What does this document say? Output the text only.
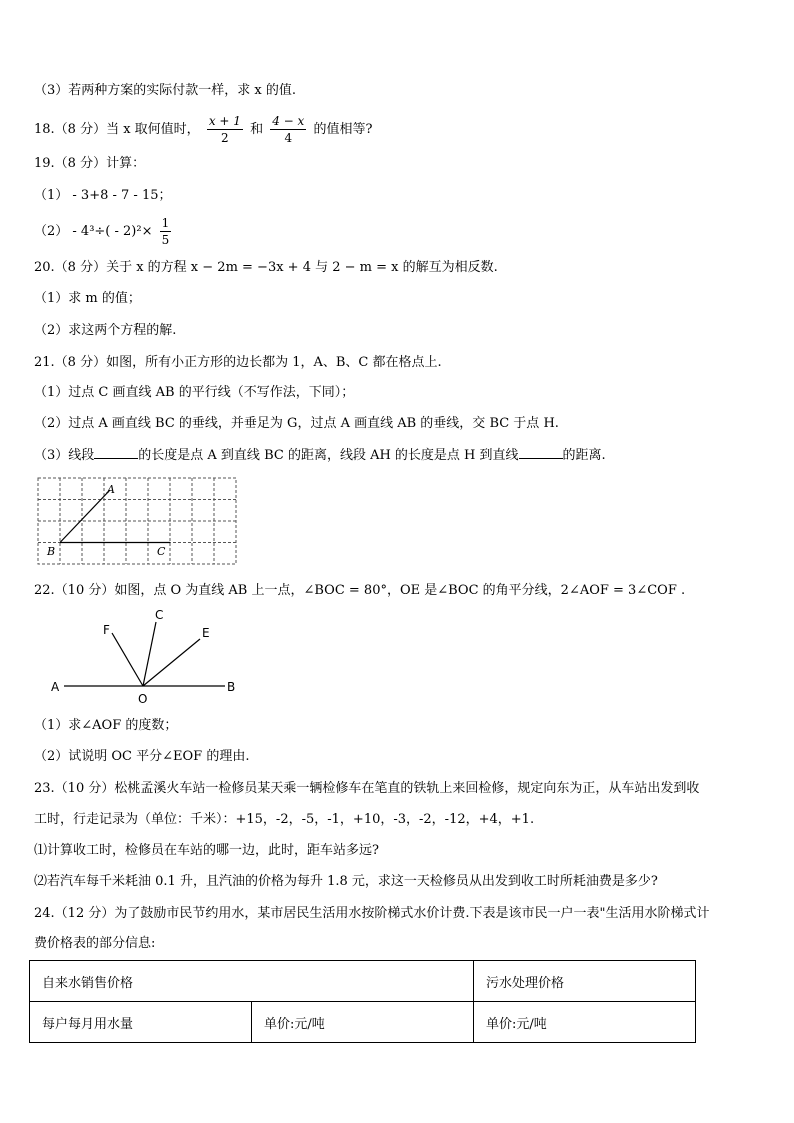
（3）若两种方案的实际付款一样，求 x 的值.
18.（8 分）当 x 取何值时， $\frac{x + 1}{2}$ 和 $\frac{4 - x}{4}$ 的值相等?
19.（8 分）计算：
（1） - 3+8 - 7 - 15；
$(2) - 4^3\div( - 2)^2\times \frac{1}{5}$
20.（8 分）关于 x 的方程 x − 2m = −3x + 4 与 2 − m = x 的解互为相反数.
（1）求 m 的值；
（2）求这两个方程的解.
21.（8 分）如图，所有小正方形的边长都为 1，A、B、C 都在格点上.
（1）过点 C 画直线 AB 的平行线（不写作法，下同）；
（2）过点 A 画直线 BC 的垂线，并垂足为 G，过点 A 画直线 AB 的垂线，交 BC 于点 H.
（3）线段	的长度是点 A 到直线 BC 的距离，线段 AH 的长度是点 H 到直线	的距离.
A
B	C
22.（10 分）如图，点 O 为直线 AB 上一点，∠BOC = 80°，OE 是∠BOC 的角平分线，2∠AOF = 3∠COF .
A	B
O
C
E
F
（1）求∠AOF 的度数；
（2）试说明 OC 平分∠EOF 的理由.
23.（10 分）松桃孟溪火车站一检修员某天乘一辆检修车在笔直的铁轨上来回检修，规定向东为正，从车站出发到收
工时，行走记录为（单位：千米）：+15，-2，-5，-1，+10，-3，-2，-12，+4，+1.
⑴计算收工时，检修员在车站的哪一边，此时，距车站多远?
⑵若汽车每千米耗油 0.1 升，且汽油的价格为每升 1.8 元，求这一天检修员从出发到收工时所耗油费是多少?
24.（12 分）为了鼓励市民节约用水，某市居民生活用水按阶梯式水价计费.下表是该市民一户一表"生活用水阶梯式计
费价格表的部分信息:
自来水销售价格		污水处理价格
每户每月用水量	单价:元/吨	单价:元/吨
